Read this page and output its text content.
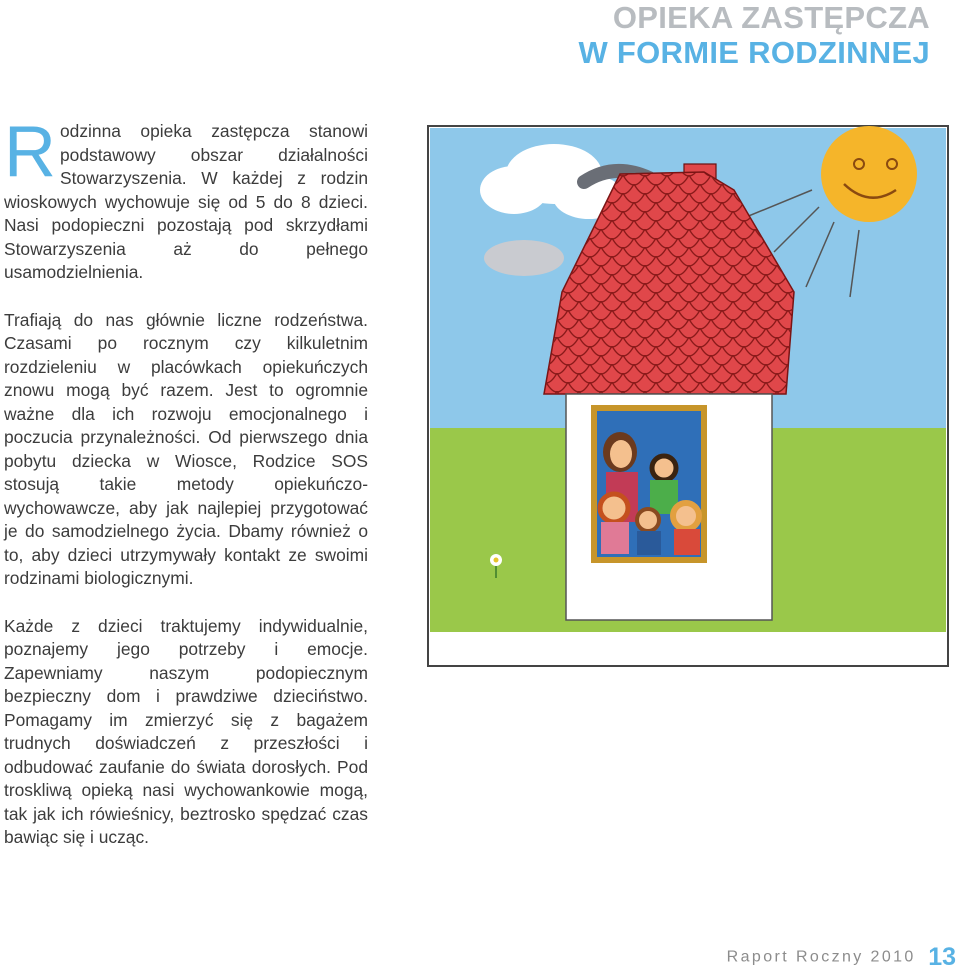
OPIEKA ZASTĘPCZA
W FORMIE RODZINNEJ

Rodzinna opieka zastępcza stanowi podstawowy obszar działalności Stowarzyszenia. W każdej z rodzin wioskowych wychowuje się od 5 do 8 dzieci. Nasi podopieczni pozostają pod skrzydłami Stowarzyszenia aż do pełnego usamodzielnienia.

Trafiają do nas głównie liczne rodzeństwa. Czasami po rocznym czy kilkuletnim rozdzieleniu w placówkach opiekuńczych znowu mogą być razem. Jest to ogromnie ważne dla ich rozwoju emocjonalnego i poczucia przynależności. Od pierwszego dnia pobytu dziecka w Wiosce, Rodzice SOS stosują takie metody opiekuńczo-wychowawcze, aby jak najlepiej przygotować je do samodzielnego życia. Dbamy również o to, aby dzieci utrzymywały kontakt ze swoimi rodzinami biologicznymi.

Każde z dzieci traktujemy indywidualnie, poznajemy jego potrzeby i emocje. Zapewniamy naszym podopiecznym bezpieczny dom i prawdziwe dzieciństwo. Pomagamy im zmierzyć się z bagażem trudnych doświadczeń z przeszłości i odbudować zaufanie do świata dorosłych. Pod troskliwą opieką nasi wychowankowie mogą, tak jak ich rówieśnicy, beztrosko spędzać czas bawiąc się i ucząc.

Raport Roczny 2010 13
